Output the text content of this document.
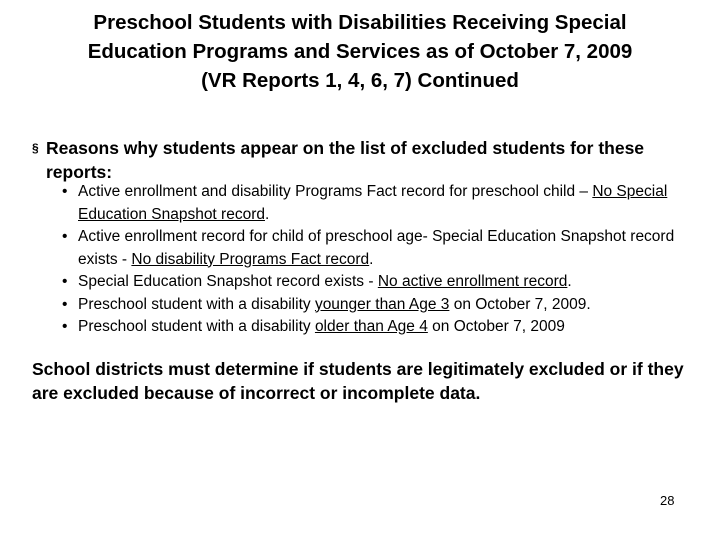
Preschool Students with Disabilities Receiving Special
Education Programs and Services as of October 7, 2009
(VR Reports 1, 4, 6, 7) Continued
§ Reasons why students appear on the list of excluded students for these reports:
• Active enrollment and disability Programs Fact record for preschool child – No Special Education Snapshot record.
• Active enrollment record for child of preschool age- Special Education Snapshot record exists - No disability Programs Fact record.
• Special Education Snapshot record exists - No active enrollment record.
• Preschool student with a disability younger than Age 3 on October 7, 2009.
• Preschool student with a disability older than Age 4 on October 7, 2009
School districts must determine if students are legitimately excluded or if they are excluded because of incorrect or incomplete data.
28
